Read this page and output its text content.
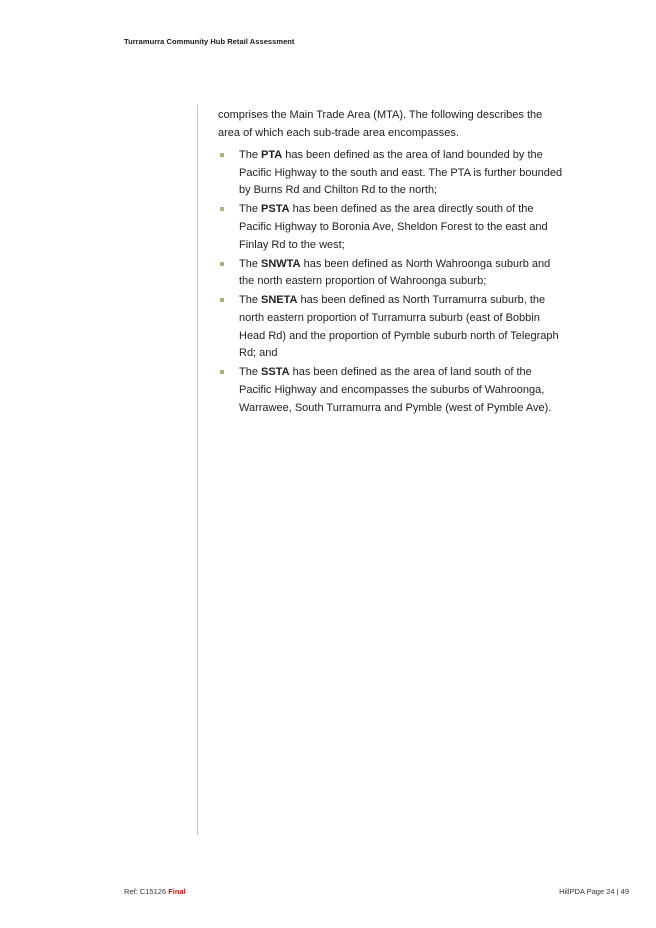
Turramurra Community Hub Retail Assessment

comprises the Main Trade Area (MTA). The following describes the area of which each sub-trade area encompasses.

The PTA has been defined as the area of land bounded by the Pacific Highway to the south and east. The PTA is further bounded by Burns Rd and Chilton Rd to the north;
The PSTA has been defined as the area directly south of the Pacific Highway to Boronia Ave, Sheldon Forest to the east and Finlay Rd to the west;
The SNWTA has been defined as North Wahroonga suburb and the north eastern proportion of Wahroonga suburb;
The SNETA has been defined as North Turramurra suburb, the north eastern proportion of Turramurra suburb (east of Bobbin Head Rd) and the proportion of Pymble suburb north of Telegraph Rd; and
The SSTA has been defined as the area of land south of the Pacific Highway and encompasses the suburbs of Wahroonga, Warrawee, South Turramurra and Pymble (west of Pymble Ave).
Ref: C15126 Final	HillPDA Page 24 | 49
